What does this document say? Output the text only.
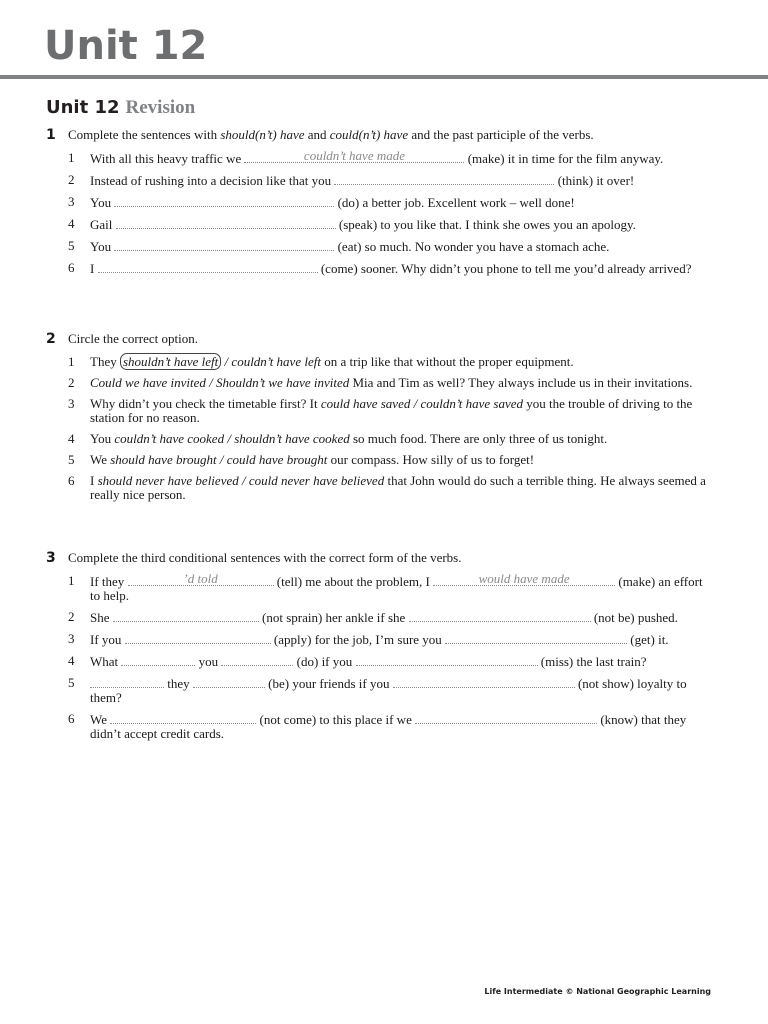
Unit 12
Unit 12 Revision
1 Complete the sentences with should(n’t) have and could(n’t) have and the past participle of the verbs.
1 With all this heavy traffic we	couldn’t have made	(make) it in time for the film anyway.
2 Instead of rushing into a decision like that you	(think) it over!
3 You	(do) a better job. Excellent work – well done!
4 Gail	(speak) to you like that. I think she owes you an apology.
5 You	(eat) so much. No wonder you have a stomach ache.
6 I	(come) sooner. Why didn’t you phone to tell me you’d already arrived?
2 Circle the correct option.
1 They shouldn’t have left / couldn’t have left on a trip like that without the proper equipment.
2 Could we have invited / Shouldn’t we have invited Mia and Tim as well? They always include us in their invitations.
3 Why didn’t you check the timetable first? It could have saved / couldn’t have saved you the trouble of driving to the station for no reason.
4 You couldn’t have cooked / shouldn’t have cooked so much food. There are only three of us tonight.
5 We should have brought / could have brought our compass. How silly of us to forget!
6 I should never have believed / could never have believed that John would do such a terrible thing. He always seemed a really nice person.
3 Complete the third conditional sentences with the correct form of the verbs.
1 If they	’d told	(tell) me about the problem, I	would have made	(make) an effort to help.
2 She	(not sprain) her ankle if she	(not be) pushed.
3 If you	(apply) for the job, I’m sure you	(get) it.
4 What	you	(do) if you	(miss) the last train?
5	they	(be) your friends if you	(not show) loyalty to them?
6 We	(not come) to this place if we	(know) that they didn’t accept credit cards.
Life Intermediate © National Geographic Learning
